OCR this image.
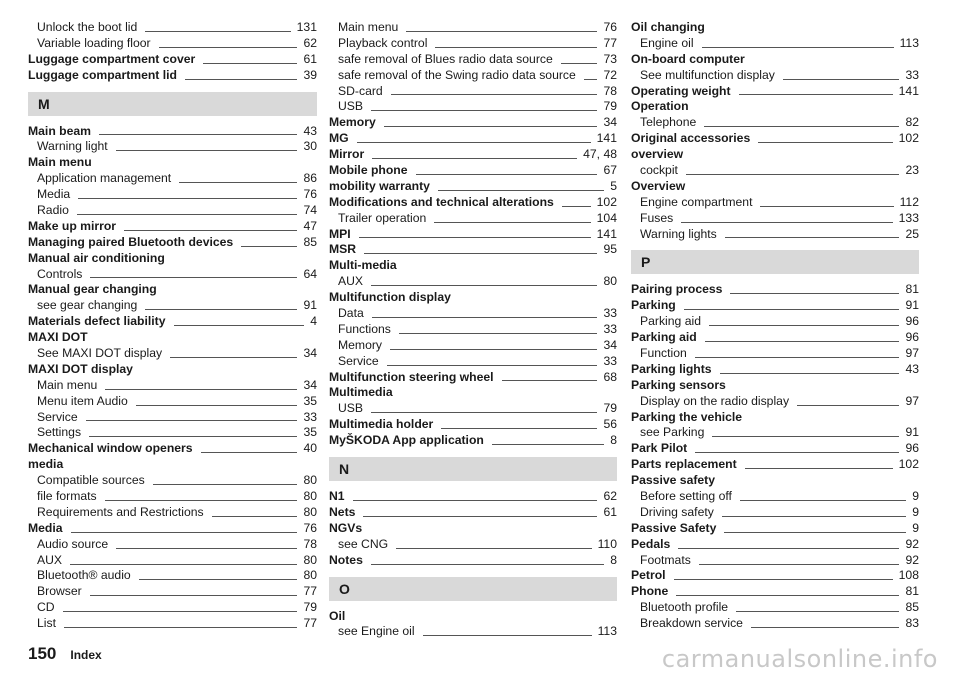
Unlock the boot lid	131
Variable loading floor	62
Luggage compartment cover	61
Luggage compartment lid	39
M
Main beam	43
Warning light	30
Main menu
Application management	86
Media	76
Radio	74
Make up mirror	47
Managing paired Bluetooth devices	85
Manual air conditioning
Controls	64
Manual gear changing
see gear changing	91
Materials defect liability	4
MAXI DOT
See MAXI DOT display	34
MAXI DOT display
Main menu	34
Menu item Audio	35
Service	33
Settings	35
Mechanical window openers	40
media
Compatible sources	80
file formats	80
Requirements and Restrictions	80
Media	76
Audio source	78
AUX	80
Bluetooth® audio	80
Browser	77
CD	79
List	77
Main menu	76
Playback control	77
safe removal of Blues radio data source	73
safe removal of the Swing radio data source 72
SD-card	78
USB	79
Memory	34
MG	141
Mirror	47, 48
Mobile phone	67
mobility warranty	5
Modifications and technical alterations	102
Trailer operation	104
MPI	141
MSR	95
Multi-media
AUX	80
Multifunction display
Data	33
Functions	33
Memory	34
Service	33
Multifunction steering wheel	68
Multimedia
USB	79
Multimedia holder	56
MyŠKODA App application	8
N
N1	62
Nets	61
NGVs
see CNG	110
Notes	8
O
Oil
see Engine oil	113
Oil changing
Engine oil	113
On-board computer
See multifunction display	33
Operating weight	141
Operation
Telephone	82
Original accessories	102
overview
cockpit	23
Overview
Engine compartment	112
Fuses	133
Warning lights	25
P
Pairing process	81
Parking	91
Parking aid	96
Parking aid	96
Function	97
Parking lights	43
Parking sensors
Display on the radio display	97
Parking the vehicle
see Parking	91
Park Pilot	96
Parts replacement	102
Passive safety
Before setting off	9
Driving safety	9
Passive Safety	9
Pedals	92
Footmats	92
Petrol	108
Phone	81
Bluetooth profile	85
Breakdown service	83
150 Index	carmanualsonline.info
